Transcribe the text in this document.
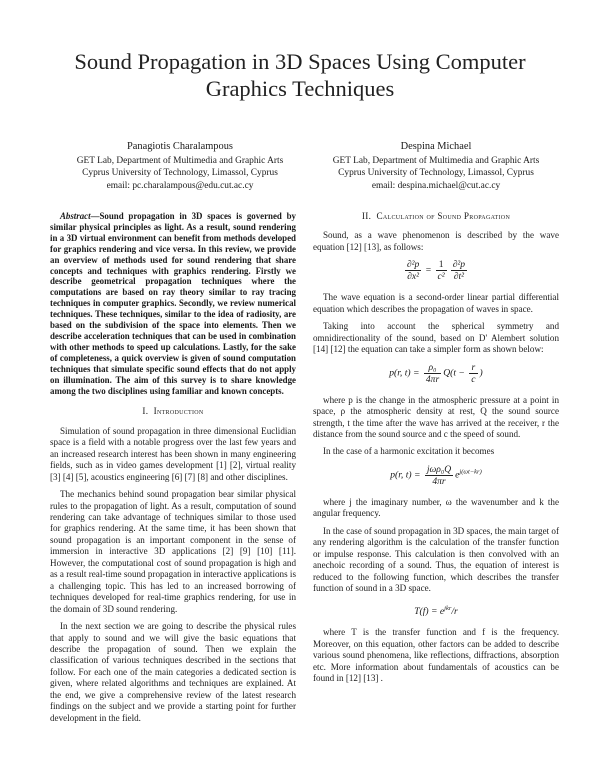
Sound Propagation in 3D Spaces Using Computer Graphics Techniques
Panagiotis Charalampous
GET Lab, Department of Multimedia and Graphic Arts
Cyprus University of Technology, Limassol, Cyprus
email: pc.charalampous@edu.cut.ac.cy
Despina Michael
GET Lab, Department of Multimedia and Graphic Arts
Cyprus University of Technology, Limassol, Cyprus
email: despina.michael@cut.ac.cy
Abstract—Sound propagation in 3D spaces is governed by similar physical principles as light. As a result, sound rendering in a 3D virtual environment can benefit from methods developed for graphics rendering and vice versa. In this review, we provide an overview of methods used for sound rendering that share concepts and techniques with graphics rendering. Firstly we describe geometrical propagation techniques where the computations are based on ray theory similar to ray tracing techniques in computer graphics. Secondly, we review numerical techniques. These techniques, similar to the idea of radiosity, are based on the subdivision of the space into elements. Then we describe acceleration techniques that can be used in combination with other methods to speed up calculations. Lastly, for the sake of completeness, a quick overview is given of sound computation techniques that simulate specific sound effects that do not apply on illumination. The aim of this survey is to share knowledge among the two disciplines using familiar and known concepts.
I. Introduction

Simulation of sound propagation in three dimensional Euclidian space is a field with a notable progress over the last few years and an increased research interest has been shown in many engineering fields, such as in video games development [1] [2], virtual reality [3] [4] [5], acoustics engineering [6] [7] [8] and other disciplines.

The mechanics behind sound propagation bear similar physical rules to the propagation of light. As a result, computation of sound rendering can take advantage of techniques similar to those used for graphics rendering. At the same time, it has been shown that sound propagation is an important component in the sense of immersion in interactive 3D applications [2] [9] [10] [11]. However, the computational cost of sound propagation is high and as a result real-time sound propagation in interactive applications is a challenging topic. This has led to an increased borrowing of techniques developed for real-time graphics rendering, for use in the domain of 3D sound rendering.

In the next section we are going to describe the physical rules that apply to sound and we will give the basic equations that describe the propagation of sound. Then we explain the classification of various techniques described in the sections that follow. For each one of the main categories a dedicated section is given, where related algorithms and techniques are explained. At the end, we give a comprehensive review of the latest research findings on the subject and we provide a starting point for further development in the field.

II. Calculation of Sound Propagation

Sound, as a wave phenomenon is described by the wave equation [12] [13], as follows:

$\frac{\text{∂²p}}{\text{∂x²}} = \frac{1}{\text{c²}} \frac{\text{∂²p}}{\text{∂t²}}$

The wave equation is a second-order linear partial differential equation which describes the propagation of waves in space.

Taking into account the spherical symmetry and omnidirectionality of the sound, based on D' Alembert solution [14] [12] the equation can take a simpler form as shown below:

p(r, $t) = \frac{\text{ρ₀}}{4\pi r} Q(t - \frac{r}{c}$ )

where p is the change in the atmospheric pressure at a point in space, ρ the atmospheric density at rest, Q the sound source strength, t the time after the wave has arrived at the receiver, r the distance from the sound source and c the speed of sound.

In the case of a harmonic excitation it becomes

p(r, $t) = \frac{\text{jωρ₀Q}}{4\pi r} e^{j(\omega t-kr)}$

where j the imaginary number, ω the wavenumber and k the angular frequency.

In the case of sound propagation in 3D spaces, the main target of any rendering algorithm is the calculation of the transfer function or impulse response. This calculation is then convolved with an anechoic recording of a sound. Thus, the equation of interest is reduced to the following function, which describes the transfer function of sound in a 3D space.

$T(f) = e^{jkr}/r$

where T is the transfer function and f is the frequency. Moreover, on this equation, other factors can be added to describe various sound phenomena, like reflections, diffractions, absorption etc. More information about fundamentals of acoustics can be found in [12] [13] .
